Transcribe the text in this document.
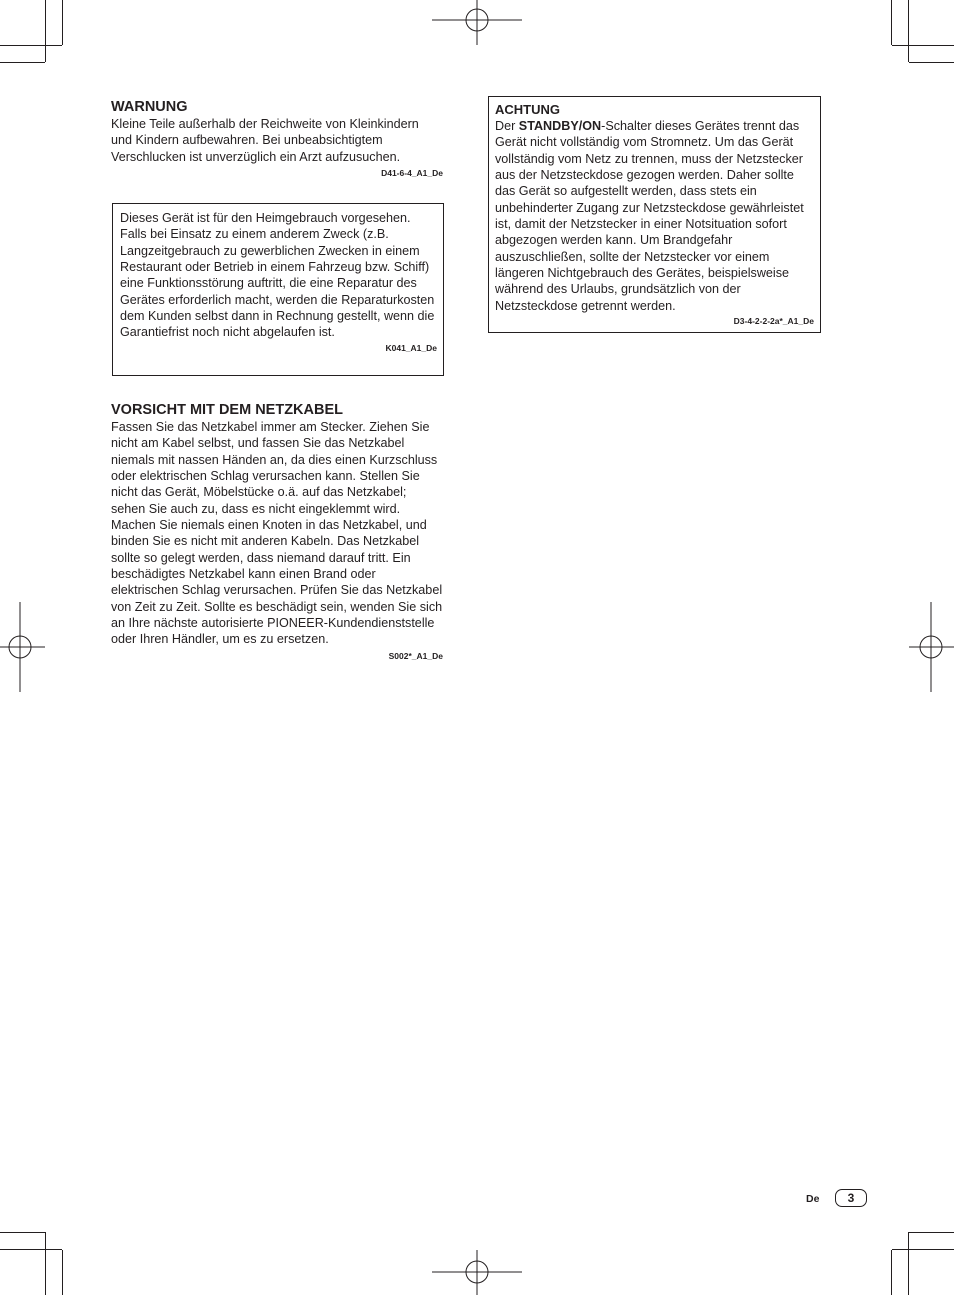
WARNUNG

Kleine Teile außerhalb der Reichweite von Kleinkindern und Kindern aufbewahren. Bei unbeabsichtigtem Verschlucken ist unverzüglich ein Arzt aufzusuchen.

D41-6-4_A1_De

Dieses Gerät ist für den Heimgebrauch vorgesehen. Falls bei Einsatz zu einem anderem Zweck (z.B. Langzeitgebrauch zu gewerblichen Zwecken in einem Restaurant oder Betrieb in einem Fahrzeug bzw. Schiff) eine Funktionsstörung auftritt, die eine Reparatur des Gerätes erforderlich macht, werden die Reparaturkosten dem Kunden selbst dann in Rechnung gestellt, wenn die Garantiefrist noch nicht abgelaufen ist.

K041_A1_De
VORSICHT MIT DEM NETZKABEL

Fassen Sie das Netzkabel immer am Stecker. Ziehen Sie nicht am Kabel selbst, und fassen Sie das Netzkabel niemals mit nassen Händen an, da dies einen Kurzschluss oder elektrischen Schlag verursachen kann. Stellen Sie nicht das Gerät, Möbelstücke o.ä. auf das Netzkabel; sehen Sie auch zu, dass es nicht eingeklemmt wird. Machen Sie niemals einen Knoten in das Netzkabel, und binden Sie es nicht mit anderen Kabeln. Das Netzkabel sollte so gelegt werden, dass niemand darauf tritt. Ein beschädigtes Netzkabel kann einen Brand oder elektrischen Schlag verursachen. Prüfen Sie das Netzkabel von Zeit zu Zeit. Sollte es beschädigt sein, wenden Sie sich an Ihre nächste autorisierte PIONEER-Kundendienststelle oder Ihren Händler, um es zu ersetzen.

S002*_A1_De
ACHTUNG

Der STANDBY/ON-Schalter dieses Gerätes trennt das Gerät nicht vollständig vom Stromnetz. Um das Gerät vollständig vom Netz zu trennen, muss der Netzstecker aus der Netzsteckdose gezogen werden. Daher sollte das Gerät so aufgestellt werden, dass stets ein unbehinderter Zugang zur Netzsteckdose gewährleistet ist, damit der Netzstecker in einer Notsituation sofort abgezogen werden kann. Um Brandgefahr auszuschließen, sollte der Netzstecker vor einem längeren Nichtgebrauch des Gerätes, beispielsweise während des Urlaubs, grundsätzlich von der Netzsteckdose getrennt werden.

D3-4-2-2-2a*_A1_De
De	3
